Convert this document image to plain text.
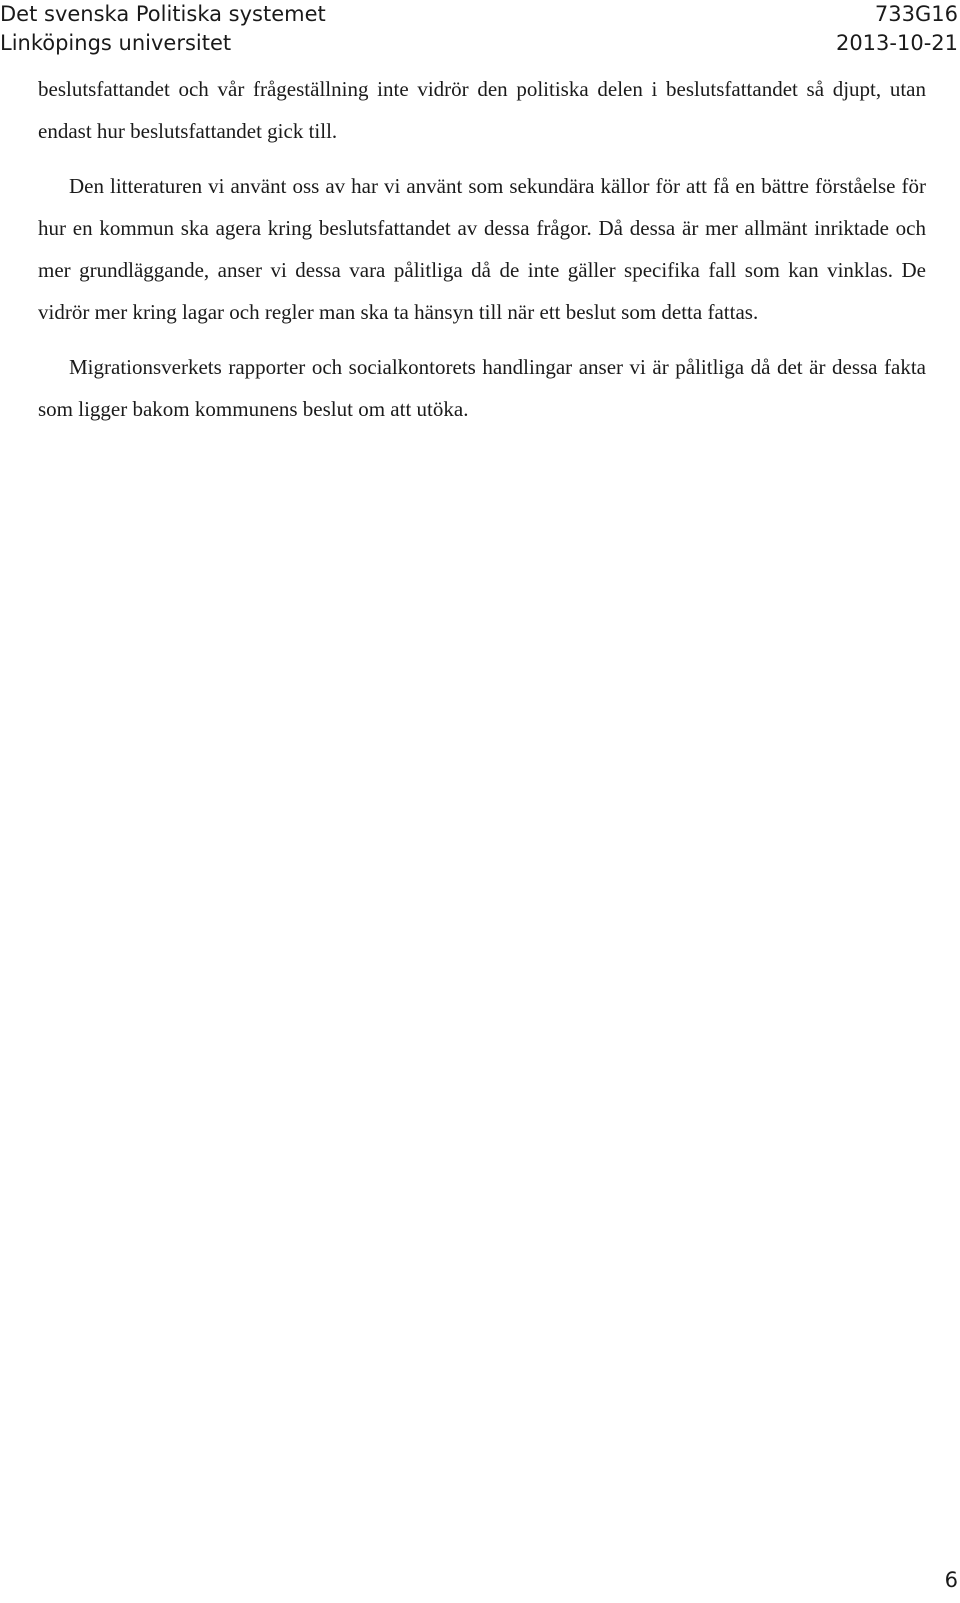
Det svenska Politiska systemet	733G16
Linköpings universitet	2013-10-21

beslutsfattandet och vår frågeställning inte vidrör den politiska delen i beslutsfattandet så djupt, utan endast hur beslutsfattandet gick till.

Den litteraturen vi använt oss av har vi använt som sekundära källor för att få en bättre förståelse för hur en kommun ska agera kring beslutsfattandet av dessa frågor. Då dessa är mer allmänt inriktade och mer grundläggande, anser vi dessa vara pålitliga då de inte gäller specifika fall som kan vinklas. De vidrör mer kring lagar och regler man ska ta hänsyn till när ett beslut som detta fattas.

Migrationsverkets rapporter och socialkontorets handlingar anser vi är pålitliga då det är dessa fakta som ligger bakom kommunens beslut om att utöka.

6
